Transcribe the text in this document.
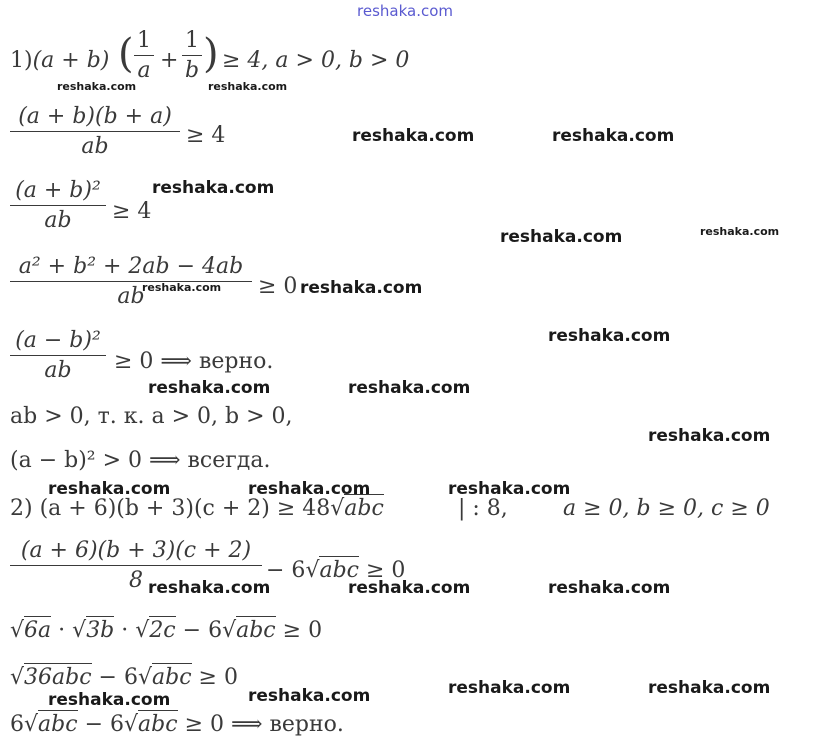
reshaka.com
1)(a + b) ( 1
a +
1
b ) ≥ 4, a > 0, b > 0
(a + b)(b + a)
ab	≥ 4
(a + b)²
ab	≥ 4
a² + b² + 2ab − 4ab
ab	≥ 0
(a − b)²
ab	≥ 0 ⟹ верно.
ab > 0, т. к. a > 0, b > 0,
(a − b)² > 0 ⟹ всегда.
2) (a + 6)(b + 3)(c + 2) ≥ 48√abc	| : 8,	a ≥ 0, b ≥ 0, c ≥ 0
(a + 6)(b + 3)(c + 2)
8	− 6√abc ≥ 0
√6a · √3b · √2c − 6√abc ≥ 0
√36abc − 6√abc ≥ 0
6√abc − 6√abc ≥ 0 ⟹ верно.
reshaka.com	reshaka.com
reshaka.com	reshaka.com
reshaka.com
reshaka.com	reshaka.com
reshaka.com	reshaka.com
reshaka.com
reshaka.com	reshaka.com
reshaka.com
reshaka.com	reshaka.com	reshaka.com
reshaka.com	reshaka.com	reshaka.com
reshaka.com	reshaka.com	reshaka.com	reshaka.com
